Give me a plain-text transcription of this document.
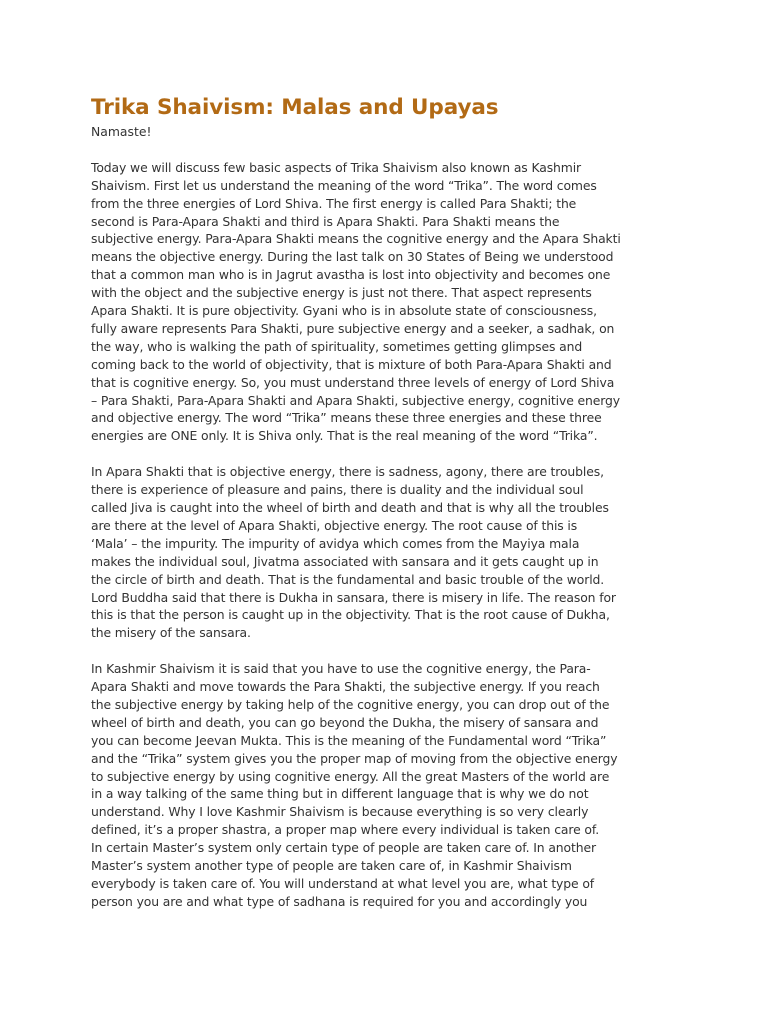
Trika Shaivism: Malas and Upayas

Namaste!

Today we will discuss few basic aspects of Trika Shaivism also known as Kashmir
Shaivism. First let us understand the meaning of the word “Trika”. The word comes
from the three energies of Lord Shiva. The first energy is called Para Shakti; the
second is Para-Apara Shakti and third is Apara Shakti. Para Shakti means the
subjective energy. Para-Apara Shakti means the cognitive energy and the Apara Shakti
means the objective energy. During the last talk on 30 States of Being we understood
that a common man who is in Jagrut avastha is lost into objectivity and becomes one
with the object and the subjective energy is just not there. That aspect represents
Apara Shakti. It is pure objectivity. Gyani who is in absolute state of consciousness,
fully aware represents Para Shakti, pure subjective energy and a seeker, a sadhak, on
the way, who is walking the path of spirituality, sometimes getting glimpses and
coming back to the world of objectivity, that is mixture of both Para-Apara Shakti and
that is cognitive energy. So, you must understand three levels of energy of Lord Shiva
– Para Shakti, Para-Apara Shakti and Apara Shakti, subjective energy, cognitive energy
and objective energy. The word “Trika” means these three energies and these three
energies are ONE only. It is Shiva only. That is the real meaning of the word “Trika”.

In Apara Shakti that is objective energy, there is sadness, agony, there are troubles,
there is experience of pleasure and pains, there is duality and the individual soul
called Jiva is caught into the wheel of birth and death and that is why all the troubles
are there at the level of Apara Shakti, objective energy. The root cause of this is
‘Mala’ – the impurity. The impurity of avidya which comes from the Mayiya mala
makes the individual soul, Jivatma associated with sansara and it gets caught up in
the circle of birth and death. That is the fundamental and basic trouble of the world.
Lord Buddha said that there is Dukha in sansara, there is misery in life. The reason for
this is that the person is caught up in the objectivity. That is the root cause of Dukha,
the misery of the sansara.

In Kashmir Shaivism it is said that you have to use the cognitive energy, the Para-
Apara Shakti and move towards the Para Shakti, the subjective energy. If you reach
the subjective energy by taking help of the cognitive energy, you can drop out of the
wheel of birth and death, you can go beyond the Dukha, the misery of sansara and
you can become Jeevan Mukta. This is the meaning of the Fundamental word “Trika”
and the “Trika” system gives you the proper map of moving from the objective energy
to subjective energy by using cognitive energy. All the great Masters of the world are
in a way talking of the same thing but in different language that is why we do not
understand. Why I love Kashmir Shaivism is because everything is so very clearly
defined, it’s a proper shastra, a proper map where every individual is taken care of.
In certain Master’s system only certain type of people are taken care of. In another
Master’s system another type of people are taken care of, in Kashmir Shaivism
everybody is taken care of. You will understand at what level you are, what type of
person you are and what type of sadhana is required for you and accordingly you
